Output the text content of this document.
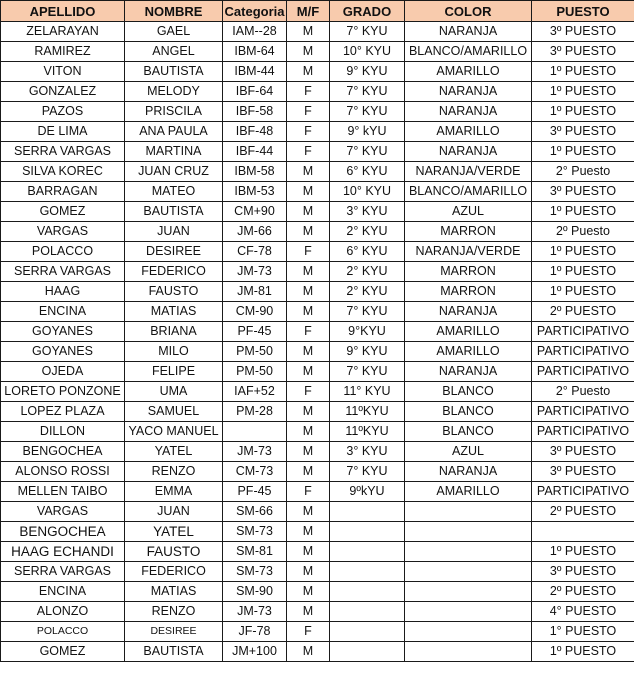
APELLIDO	NOMBRE	Categoria	M/F	GRADO	COLOR	PUESTO
ZELARAYAN	GAEL	IAM--28	M	7° KYU	NARANJA	3º PUESTO
RAMIREZ	ANGEL	IBM-64	M	10° KYU	BLANCO/AMARILLO	3º PUESTO
VITON	BAUTISTA	IBM-44	M	9° KYU	AMARILLO	1º PUESTO
GONZALEZ	MELODY	IBF-64	F	7° KYU	NARANJA	1º PUESTO
PAZOS	PRISCILA	IBF-58	F	7° KYU	NARANJA	1º PUESTO
DE LIMA	ANA PAULA	IBF-48	F	9° kYU	AMARILLO	3º PUESTO
SERRA VARGAS	MARTINA	IBF-44	F	7° KYU	NARANJA	1º PUESTO
SILVA KOREC	JUAN CRUZ	IBM-58	M	6° KYU	NARANJA/VERDE	2° Puesto
BARRAGAN	MATEO	IBM-53	M	10° KYU	BLANCO/AMARILLO	3º PUESTO
GOMEZ	BAUTISTA	CM+90	M	3° KYU	AZUL	1º PUESTO
VARGAS	JUAN	JM-66	M	2° KYU	MARRON	2º Puesto
POLACCO	DESIREE	CF-78	F	6° KYU	NARANJA/VERDE	1º PUESTO
SERRA VARGAS	FEDERICO	JM-73	M	2° KYU	MARRON	1º PUESTO
HAAG	FAUSTO	JM-81	M	2° KYU	MARRON	1º PUESTO
ENCINA	MATIAS	CM-90	M	7° KYU	NARANJA	2º PUESTO
GOYANES	BRIANA	PF-45	F	9°KYU	AMARILLO	PARTICIPATIVO
GOYANES	MILO	PM-50	M	9° KYU	AMARILLO	PARTICIPATIVO
OJEDA	FELIPE	PM-50	M	7° KYU	NARANJA	PARTICIPATIVO
LORETO PONZONE	UMA	IAF+52	F	11° KYU	BLANCO	2° Puesto
LOPEZ PLAZA	SAMUEL	PM-28	M	11ºKYU	BLANCO	PARTICIPATIVO
DILLON	YACO MANUEL		M	11ºKYU	BLANCO	PARTICIPATIVO
BENGOCHEA	YATEL	JM-73	M	3° KYU	AZUL	3º PUESTO
ALONSO ROSSI	RENZO	CM-73	M	7° KYU	NARANJA	3º PUESTO
MELLEN TAIBO	EMMA	PF-45	F	9ºkYU	AMARILLO	PARTICIPATIVO
VARGAS	JUAN	SM-66	M			2º PUESTO
BENGOCHEA	YATEL	SM-73	M			
HAAG ECHANDI	FAUSTO	SM-81	M			1º PUESTO
SERRA VARGAS	FEDERICO	SM-73	M			3º PUESTO
ENCINA	MATIAS	SM-90	M			2º PUESTO
ALONZO	RENZO	JM-73	M			4° PUESTO
POLACCO	DESIREE	JF-78	F			1° PUESTO
GOMEZ	BAUTISTA	JM+100	M			1º PUESTO
